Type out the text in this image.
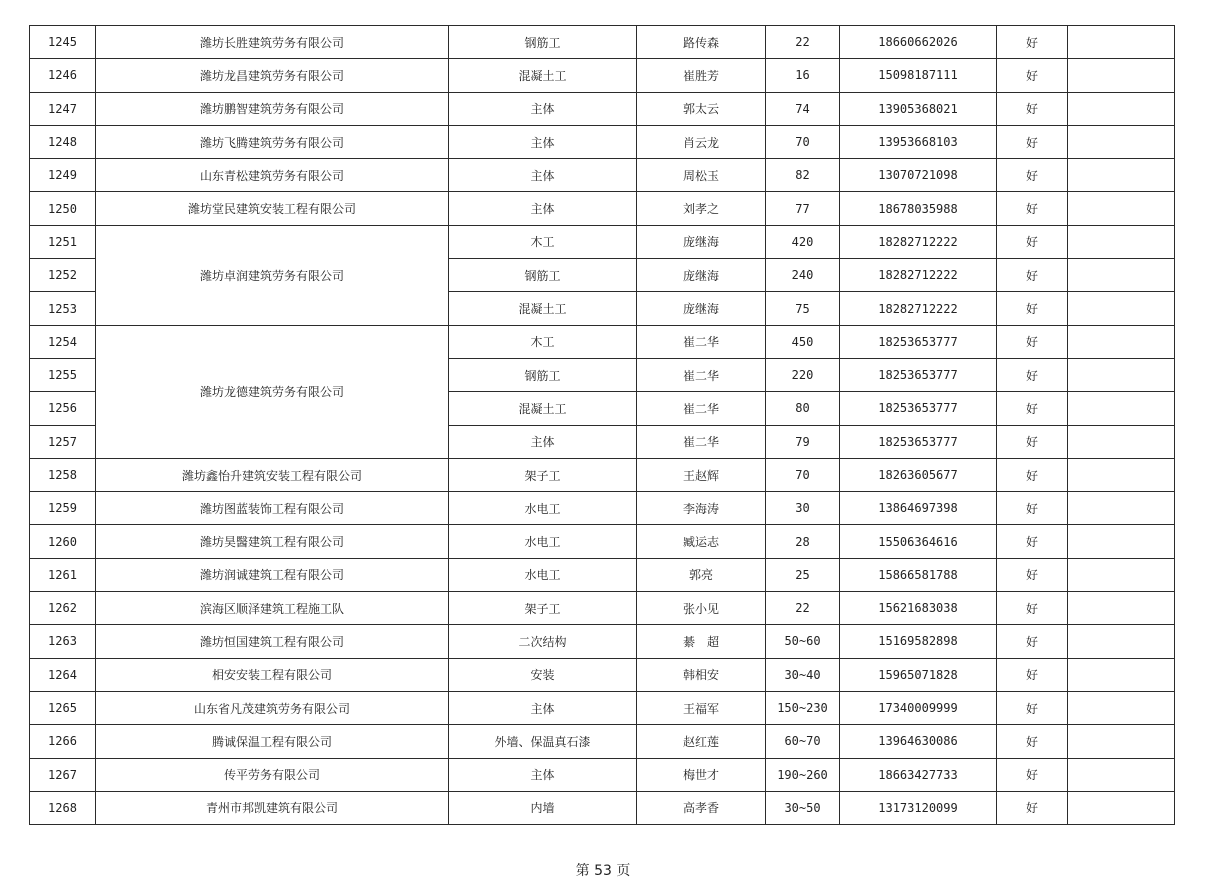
1245	潍坊长胜建筑劳务有限公司	钢筋工	路传森	22	18660662026	好	
1246	潍坊龙昌建筑劳务有限公司	混凝土工	崔胜芳	16	15098187111	好	
1247	潍坊鹏智建筑劳务有限公司	主体	郭太云	74	13905368021	好	
1248	潍坊飞腾建筑劳务有限公司	主体	肖云龙	70	13953668103	好	
1249	山东青松建筑劳务有限公司	主体	周松玉	82	13070721098	好	
1250	潍坊堂民建筑安装工程有限公司	主体	刘孝之	77	18678035988	好	
1251	潍坊卓润建筑劳务有限公司	木工	庞继海	420	18282712222	好	
1252		钢筋工	庞继海	240	18282712222	好	
1253		混凝土工	庞继海	75	18282712222	好	
1254	潍坊龙德建筑劳务有限公司	木工	崔二华	450	18253653777	好	
1255		钢筋工	崔二华	220	18253653777	好	
1256		混凝土工	崔二华	80	18253653777	好	
1257		主体	崔二华	79	18253653777	好	
1258	潍坊鑫怡升建筑安装工程有限公司	架子工	王赵辉	70	18263605677	好	
1259	潍坊图蓝装饰工程有限公司	水电工	李海涛	30	13864697398	好	
1260	潍坊昊醫建筑工程有限公司	水电工	臧运志	28	15506364616	好	
1261	潍坊润诚建筑工程有限公司	水电工	郭亮	25	15866581788	好	
1262	滨海区顺泽建筑工程施工队	架子工	张小见	22	15621683038	好	
1263	潍坊恒国建筑工程有限公司	二次结构	綦　超	50~60	15169582898	好	
1264	相安安装工程有限公司	安装	韩相安	30~40	15965071828	好	
1265	山东省凡茂建筑劳务有限公司	主体	王福军	150~230	17340009999	好	
1266	腾诚保温工程有限公司	外墙、保温真石漆	赵红莲	60~70	13964630086	好	
1267	传平劳务有限公司	主体	梅世才	190~260	18663427733	好	
1268	青州市邦凯建筑有限公司	内墙	高孝香	30~50	13173120099	好	
第 53 页
